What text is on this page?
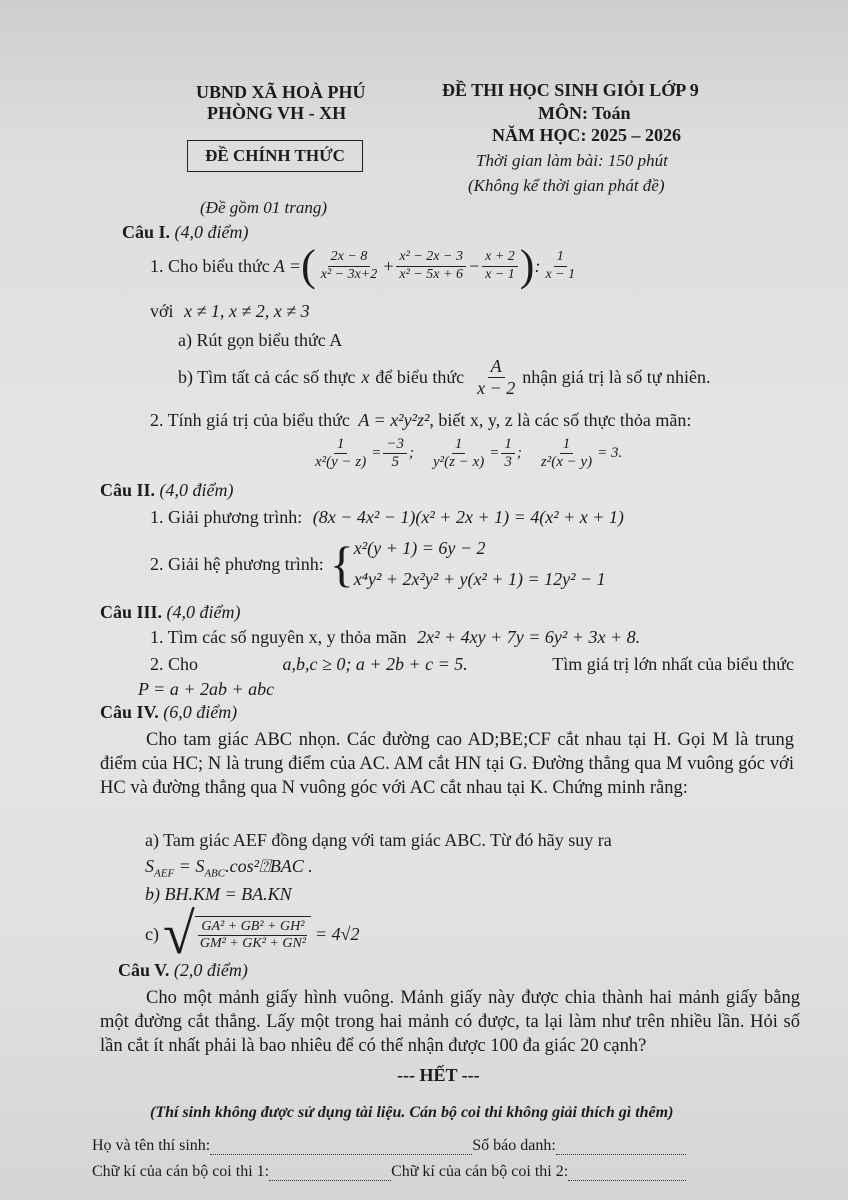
UBND XÃ HOÀ PHÚ
PHÒNG VH - XH
ĐỀ CHÍNH THỨC
(Đề gồm 01 trang)
ĐỀ THI HỌC SINH GIỎI LỚP 9
MÔN: Toán
NĂM HỌC: 2025 – 2026
Thời gian làm bài: 150 phút
(Không kể thời gian phát đề)
Câu I. (4,0 điểm)
1. Cho biểu thức A = ( $\frac{2x - 8}{\text{x² − 3x+2}} + \frac{\text{x² − 2x − 3}}{\text{x² − 5x + 6}} - \frac{x + 2}{x - 1}$ ) : $\frac{1}{x - 1}$
với x ≠ 1, x ≠ 2, x ≠ 3
a) Rút gọn biểu thức A
b) Tìm tất cả các số thực x để biểu thức $\frac{A}{x - 2}$ nhận giá trị là số tự nhiên.
2. Tính giá trị của biểu thức A = x²y²z², biết x, y, z là các số thực thỏa mãn:
$\frac{1}{\text{x²(y − z)}} = \frac{-3}{5}$ ; $\frac{1}{\text{y²(z − x)}} = \frac{1}{3}$ ; $\frac{1}{\text{z²(x − y)}} = 3$.
Câu II. (4,0 điểm)
1. Giải phương trình: (8x − 4x² − 1)(x² + 2x + 1) = 4(x² + x + 1)
2. Giải hệ phương trình: { x²(y + 1) = 6y − 2
x⁴y² + 2x²y² + y(x² + 1) = 12y² − 1
Câu III. (4,0 điểm)
1. Tìm các số nguyên x, y thỏa mãn 2x² + 4xy + 7y = 6y² + 3x + 8.
2. Cho	a,b,c ≥ 0; a + 2b + c = 5.	Tìm giá trị lớn nhất của biểu thức
P = a + 2ab + abc
Câu IV. (6,0 điểm)
Cho tam giác ABC nhọn. Các đường cao AD;BE;CF cắt nhau tại H. Gọi M là trung điểm của HC; N là trung điểm của AC. AM cắt HN tại G. Đường thẳng qua M vuông góc với HC và đường thẳng qua N vuông góc với AC cắt nhau tại K. Chứng minh rằng:
a) Tam giác AEF đồng dạng với tam giác ABC. Từ đó hãy suy ra
$S_{AEF}$ = $S_{ABC}.\cos^2⍰BAC$ .
b) BH.KM = BA.KN
c) √ $\frac{\text{GA² + GB² + GH²}}{\text{GM² + GK² + GN²}} = 4√2$
Câu V. (2,0 điểm)
Cho một mảnh giấy hình vuông. Mảnh giấy này được chia thành hai mảnh giấy bằng một đường cắt thẳng. Lấy một trong hai mảnh có được, ta lại làm như trên nhiều lần. Hỏi số lần cắt ít nhất phải là bao nhiêu để có thể nhận được 100 đa giác 20 cạnh?
--- HẾT ---
(Thí sinh không được sử dụng tài liệu. Cán bộ coi thi không giải thích gì thêm)
Họ và tên thí sinh:	Số báo danh:
Chữ kí của cán bộ coi thi 1:	Chữ kí của cán bộ coi thi 2:
